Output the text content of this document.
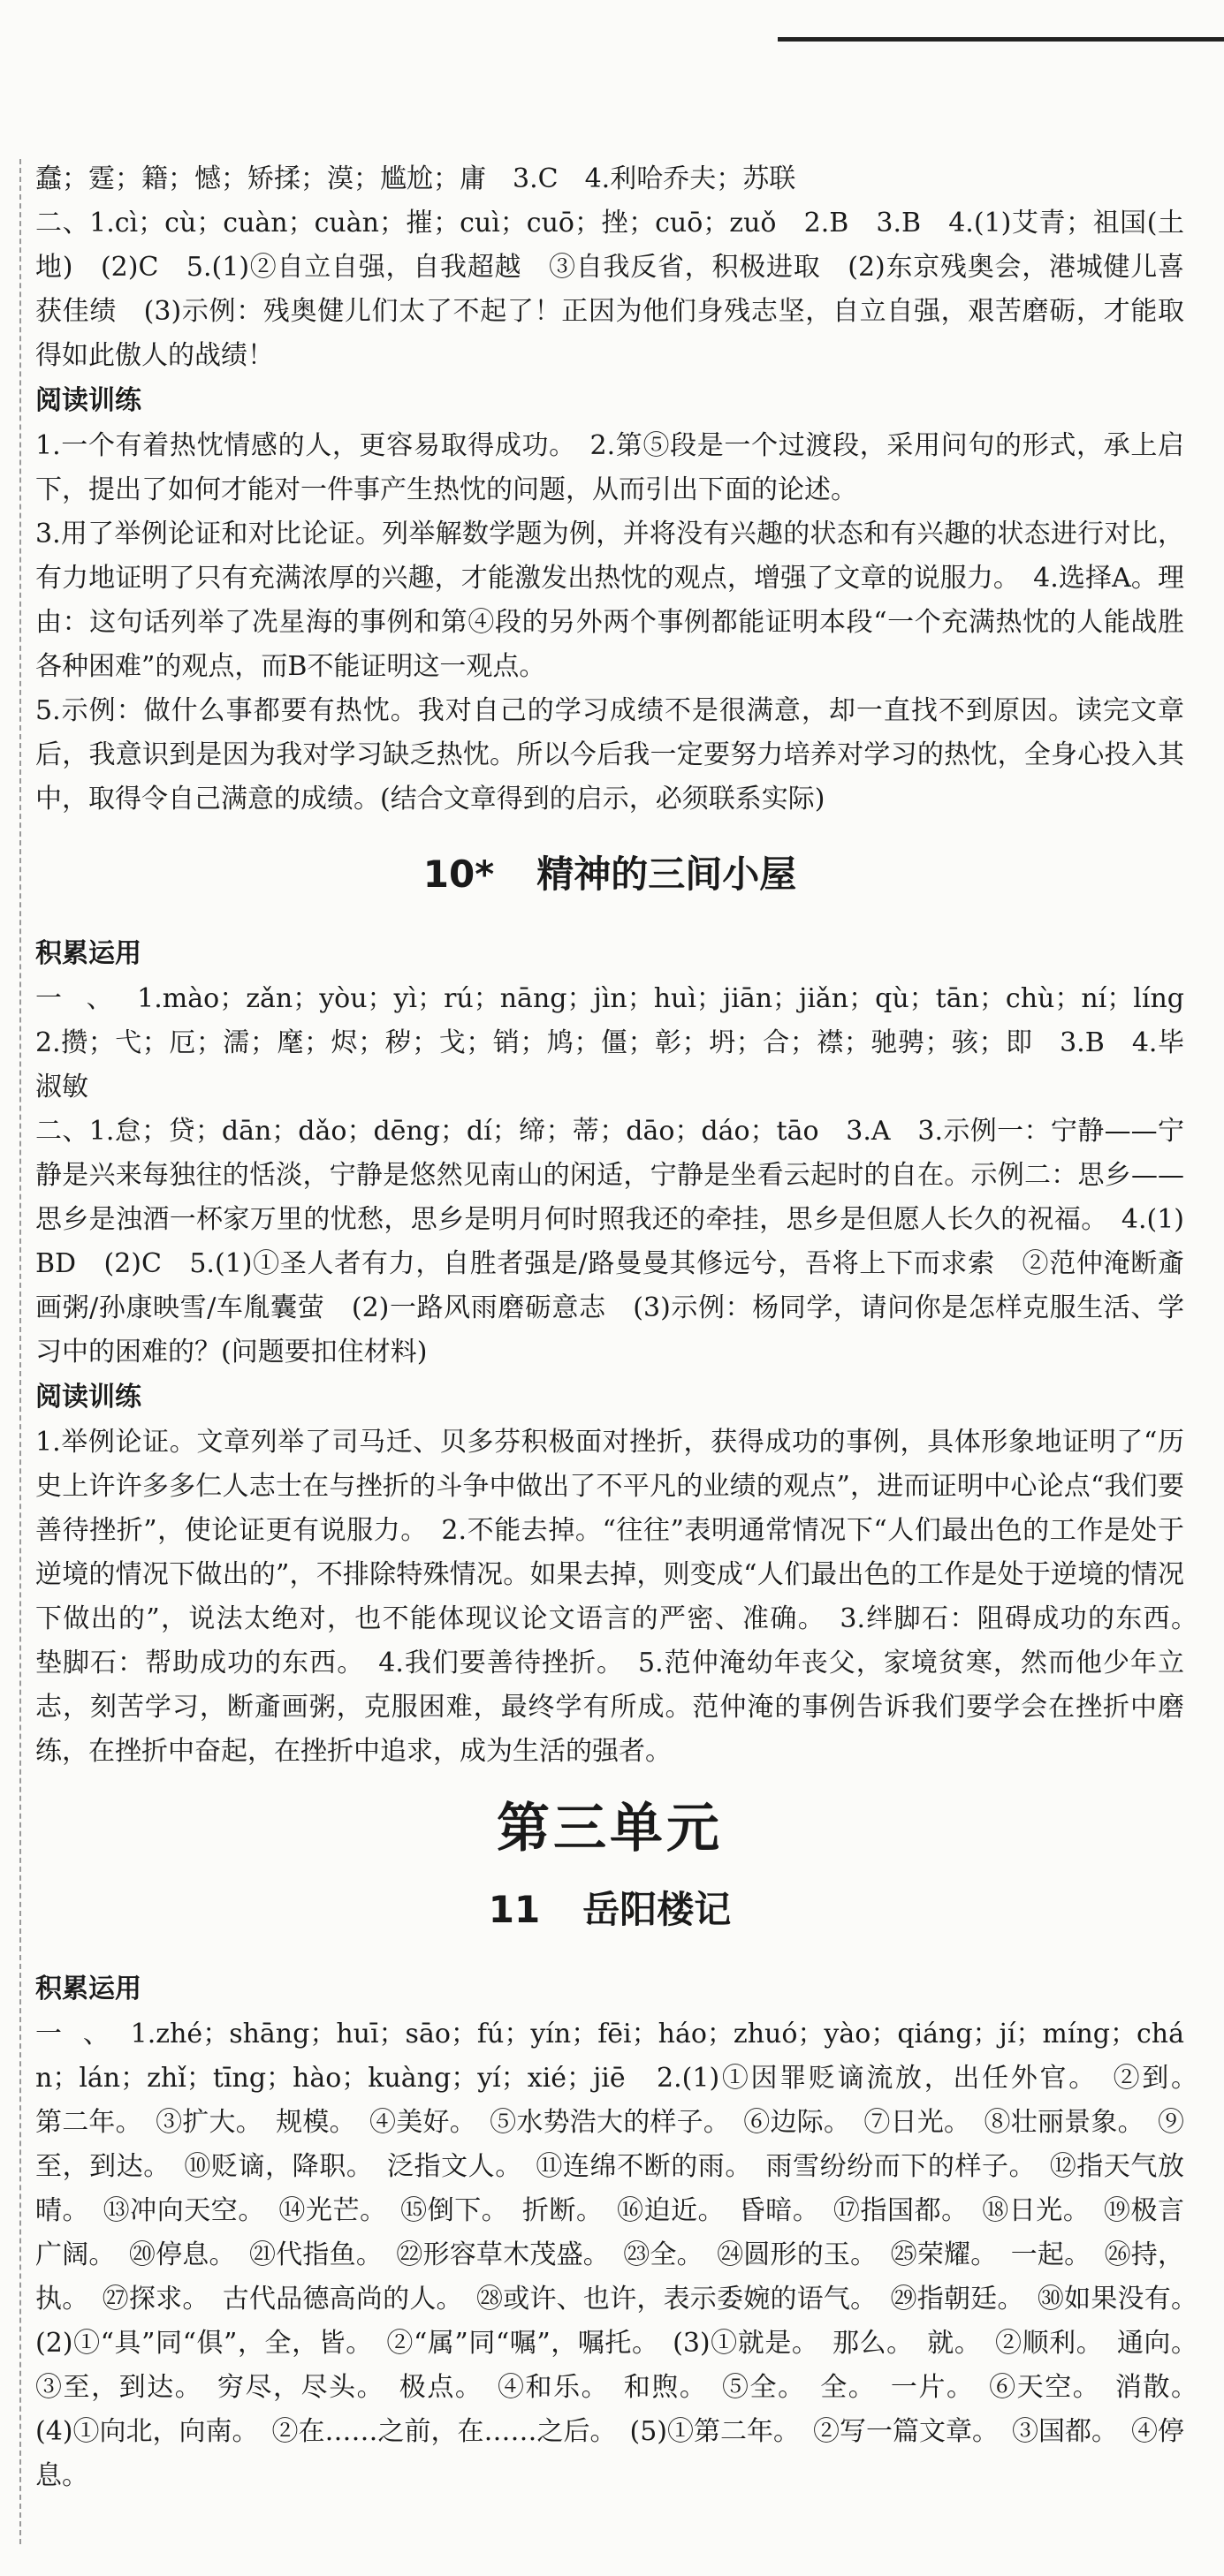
蠢；霆；籍；憾；矫揉；漠；尴尬；庸　3.C　4.利哈乔夫；苏联

二、1.cì；cù；cuàn；cuàn；摧；cuì；cuō；挫；cuō；zuǒ　2.B　3.B　4.(1)艾青；祖国(土地)　(2)C　5.(1)②自立自强，自我超越　③自我反省，积极进取　(2)东京残奥会，港城健儿喜获佳绩　(3)示例：残奥健儿们太了不起了！正因为他们身残志坚，自立自强，艰苦磨砺，才能取得如此傲人的战绩！

阅读训练

1.一个有着热忱情感的人，更容易取得成功。　2.第⑤段是一个过渡段，采用问句的形式，承上启下，提出了如何才能对一件事产生热忱的问题，从而引出下面的论述。

3.用了举例论证和对比论证。列举解数学题为例，并将没有兴趣的状态和有兴趣的状态进行对比，有力地证明了只有充满浓厚的兴趣，才能激发出热忱的观点，增强了文章的说服力。　4.选择A。理由：这句话列举了冼星海的事例和第④段的另外两个事例都能证明本段“一个充满热忱的人能战胜各种困难”的观点，而B不能证明这一观点。

5.示例：做什么事都要有热忱。我对自己的学习成绩不是很满意，却一直找不到原因。读完文章后，我意识到是因为我对学习缺乏热忱。所以今后我一定要努力培养对学习的热忱，全身心投入其中，取得令自己满意的成绩。(结合文章得到的启示，必须联系实际)

10* 精神的三间小屋

积累运用

一、1.mào；zǎn；yòu；yì；rú；nāng；jìn；huì；jiān；jiǎn；qù；tān；chù；ní；líng　2.攒；弋；厄；濡；麾；烬；秽；戈；销；鸠；僵；彰；坍；合；襟；驰骋；骇；即　3.B　4.毕淑敏

二、1.怠；贷；dān；dǎo；dēng；dí；缔；蒂；dāo；dáo；tāo　3.A　3.示例一：宁静——宁静是兴来每独往的恬淡，宁静是悠然见南山的闲适，宁静是坐看云起时的自在。示例二：思乡——思乡是浊酒一杯家万里的忧愁，思乡是明月何时照我还的牵挂，思乡是但愿人长久的祝福。　4.(1)BD　(2)C　5.(1)①圣人者有力，自胜者强是/路曼曼其修远兮，吾将上下而求索　②范仲淹断齑画粥/孙康映雪/车胤囊萤　(2)一路风雨磨砺意志　(3)示例：杨同学，请问你是怎样克服生活、学习中的困难的？(问题要扣住材料)

阅读训练

1.举例论证。文章列举了司马迁、贝多芬积极面对挫折，获得成功的事例，具体形象地证明了“历史上许许多多仁人志士在与挫折的斗争中做出了不平凡的业绩的观点”，进而证明中心论点“我们要善待挫折”，使论证更有说服力。　2.不能去掉。“往往”表明通常情况下“人们最出色的工作是处于逆境的情况下做出的”，不排除特殊情况。如果去掉，则变成“人们最出色的工作是处于逆境的情况下做出的”，说法太绝对，也不能体现议论文语言的严密、准确。　3.绊脚石：阻碍成功的东西。　垫脚石：帮助成功的东西。　4.我们要善待挫折。　5.范仲淹幼年丧父，家境贫寒，然而他少年立志，刻苦学习，断齑画粥，克服困难，最终学有所成。范仲淹的事例告诉我们要学会在挫折中磨练，在挫折中奋起，在挫折中追求，成为生活的强者。

第三单元
11 岳阳楼记

积累运用

一、1.zhé；shāng；huī；sāo；fú；yín；fēi；háo；zhuó；yào；qiáng；jí；míng；chán；lán；zhǐ；tīng；hào；kuàng；yí；xié；jiē　2.(1)①因罪贬谪流放，出任外官。　②到。　第二年。　③扩大。　规模。　④美好。　⑤水势浩大的样子。　⑥边际。　⑦日光。　⑧壮丽景象。　⑨至，到达。　⑩贬谪，降职。　泛指文人。　⑪连绵不断的雨。　雨雪纷纷而下的样子。　⑫指天气放晴。　⑬冲向天空。　⑭光芒。　⑮倒下。　折断。　⑯迫近。　昏暗。　⑰指国都。　⑱日光。　⑲极言广阔。　⑳停息。　㉑代指鱼。　㉒形容草木茂盛。　㉓全。　㉔圆形的玉。　㉕荣耀。　一起。　㉖持，执。　㉗探求。　古代品德高尚的人。　㉘或许、也许，表示委婉的语气。　㉙指朝廷。　㉚如果没有。　(2)①“具”同“俱”，全，皆。　②“属”同“嘱”，嘱托。　(3)①就是。　那么。　就。　②顺利。　通向。　③至，到达。　穷尽，尽头。　极点。　④和乐。　和煦。　⑤全。　全。　一片。　⑥天空。　消散。　(4)①向北，向南。　②在……之前，在……之后。　(5)①第二年。　②写一篇文章。　③国都。　④停息。
